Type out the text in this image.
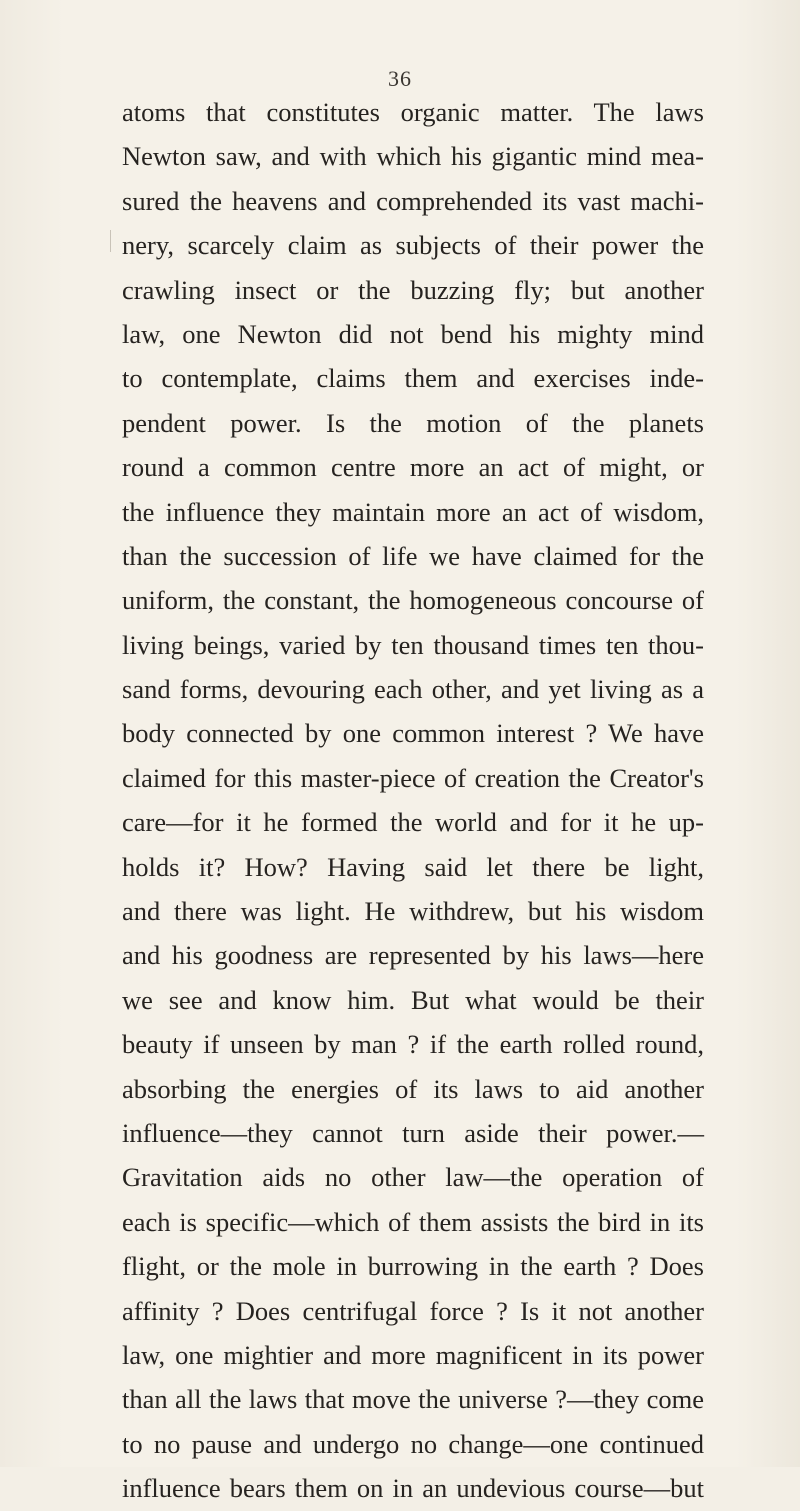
36
atoms that constitutes organic matter. The laws
Newton saw, and with which his gigantic mind mea-
sured the heavens and comprehended its vast machi-
nery, scarcely claim as subjects of their power the
crawling insect or the buzzing fly; but another
law, one Newton did not bend his mighty mind
to contemplate, claims them and exercises inde-
pendent power. Is the motion of the planets
round a common centre more an act of might, or
the influence they maintain more an act of wisdom,
than the succession of life we have claimed for the
uniform, the constant, the homogeneous concourse of
living beings, varied by ten thousand times ten thou-
sand forms, devouring each other, and yet living as a
body connected by one common interest ? We have
claimed for this master-piece of creation the Creator's
care—for it he formed the world and for it he up-
holds it? How? Having said let there be light,
and there was light. He withdrew, but his wisdom
and his goodness are represented by his laws—here
we see and know him. But what would be their
beauty if unseen by man ? if the earth rolled round,
absorbing the energies of its laws to aid another
influence—they cannot turn aside their power.—
Gravitation aids no other law—the operation of
each is specific—which of them assists the bird in its
flight, or the mole in burrowing in the earth ? Does
affinity ? Does centrifugal force ? Is it not another
law, one mightier and more magnificent in its power
than all the laws that move the universe ?—they come
to no pause and undergo no change—one continued
influence bears them on in an undevious course—but
